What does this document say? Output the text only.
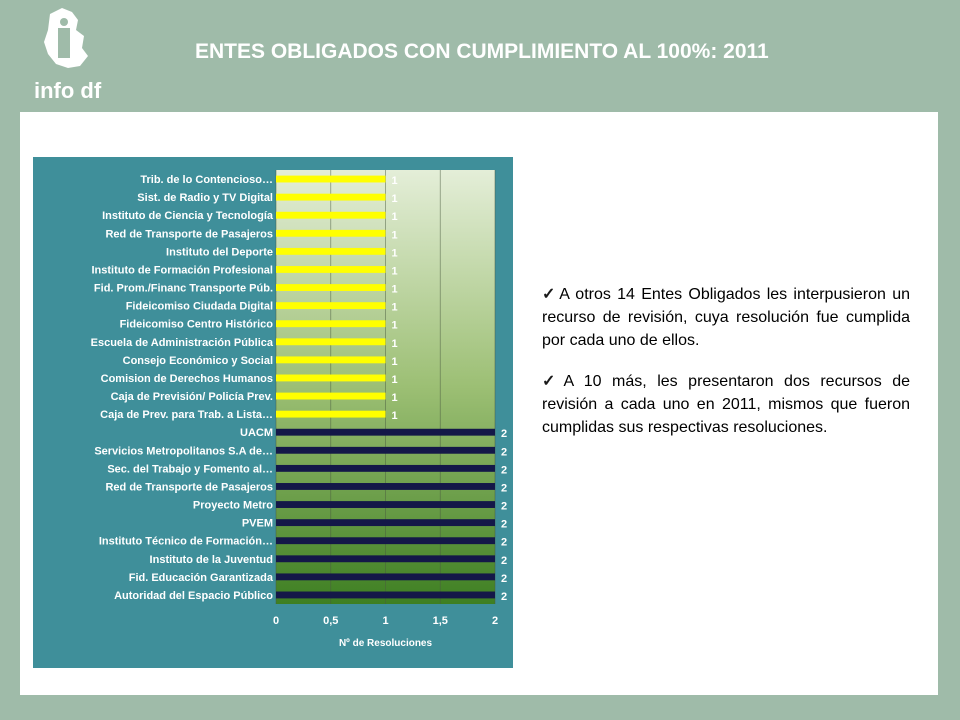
info df
ENTES OBLIGADOS CON CUMPLIMIENTO AL 100%: 2011
0	0,5	1	1,5	2
Nº de Resoluciones
Trib. de lo Contencioso…	1
Sist. de Radio y TV Digital	1
Instituto de Ciencia y Tecnología	1
Red de Transporte de Pasajeros	1
Instituto del Deporte	1
Instituto de Formación Profesional	1
Fid. Prom./Financ Transporte Púb.	1
Fideicomiso Ciudada Digital	1
Fideicomiso Centro Histórico	1
Escuela de Administración Pública	1
Consejo Económico y Social	1
Comision de Derechos Humanos	1
Caja de Previsión/ Policía Prev.	1
Caja de Prev. para Trab. a Lista…	1
UACM	2
Servicios Metropolitanos S.A de…	2
Sec. del Trabajo y Fomento al…	2
Red de Transporte de Pasajeros	2
Proyecto Metro	2
PVEM	2
Instituto Técnico de Formación…	2
Instituto de la Juventud	2
Fid. Educación Garantizada	2
Autoridad del Espacio Público	2
✓ A otros 14 Entes Obligados les interpusieron un recurso de revisión, cuya resolución fue cumplida por cada uno de ellos.
✓ A 10 más, les presentaron dos recursos de revisión a cada uno en 2011, mismos que fueron cumplidas sus respectivas resoluciones.
